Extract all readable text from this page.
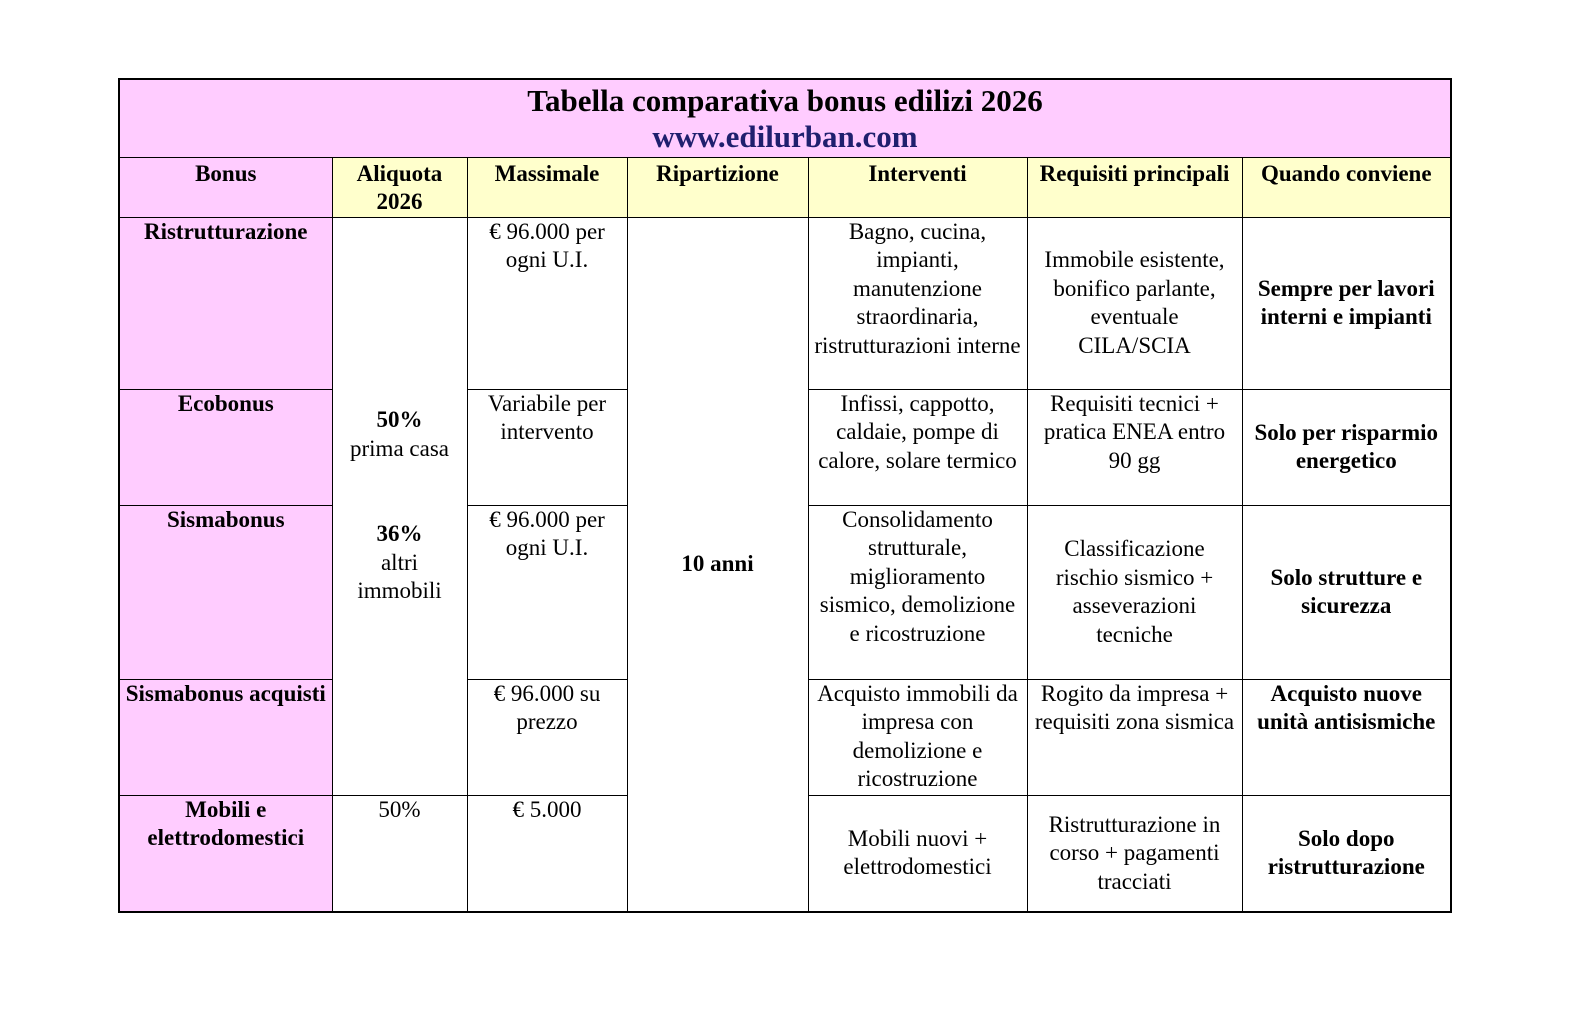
Tabella comparativa bonus edilizi 2026
www.edilurban.com						

Bonus	Aliquota 2026	Massimale	Ripartizione	Interventi	Requisiti principali	Quando conviene
Ristrutturazione	50%
prima casa
36%
altri immobili	€ 96.000 per ogni U.I.	10 anni	Bagno, cucina, impianti, manutenzione straordinaria, ristrutturazioni interne	Immobile esistente, bonifico parlante, eventuale CILA/SCIA	Sempre per lavori interni e impianti
Ecobonus		Variabile per intervento		Infissi, cappotto, caldaie, pompe di calore, solare termico	Requisiti tecnici + pratica ENEA entro 90 gg	Solo per risparmio energetico
Sismabonus		€ 96.000 per ogni U.I.		Consolidamento strutturale, miglioramento sismico, demolizione e ricostruzione	Classificazione rischio sismico + asseverazioni tecniche	Solo strutture e sicurezza
Sismabonus acquisti		€ 96.000 su prezzo		Acquisto immobili da impresa con demolizione e ricostruzione	Rogito da impresa + requisiti zona sismica	Acquisto nuove unità antisismiche
Mobili e elettrodomestici	50%	€ 5.000		Mobili nuovi + elettrodomestici	Ristrutturazione in corso + pagamenti tracciati	Solo dopo ristrutturazione
